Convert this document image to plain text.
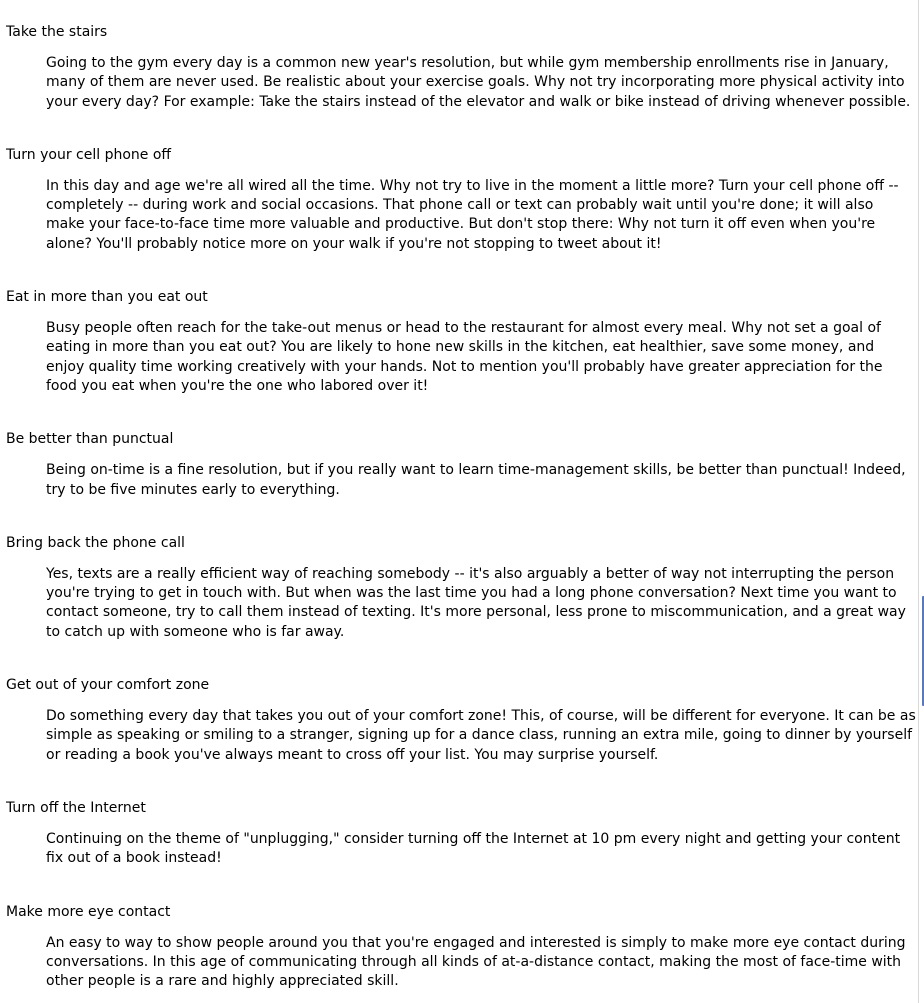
Take the stairs
Going to the gym every day is a common new year's resolution, but while gym membership enrollments rise in January, many of them are never used. Be realistic about your exercise goals. Why not try incorporating more physical activity into your every day? For example: Take the stairs instead of the elevator and walk or bike instead of driving whenever possible.
Turn your cell phone off
In this day and age we're all wired all the time. Why not try to live in the moment a little more? Turn your cell phone off -- completely -- during work and social occasions. That phone call or text can probably wait until you're done; it will also make your face-to-face time more valuable and productive. But don't stop there: Why not turn it off even when you're alone? You'll probably notice more on your walk if you're not stopping to tweet about it!
Eat in more than you eat out
Busy people often reach for the take-out menus or head to the restaurant for almost every meal. Why not set a goal of eating in more than you eat out? You are likely to hone new skills in the kitchen, eat healthier, save some money, and enjoy quality time working creatively with your hands. Not to mention you'll probably have greater appreciation for the food you eat when you're the one who labored over it!
Be better than punctual
Being on-time is a fine resolution, but if you really want to learn time-management skills, be better than punctual! Indeed, try to be five minutes early to everything.
Bring back the phone call
Yes, texts are a really efficient way of reaching somebody -- it's also arguably a better of way not interrupting the person you're trying to get in touch with. But when was the last time you had a long phone conversation? Next time you want to contact someone, try to call them instead of texting. It's more personal, less prone to miscommunication, and a great way to catch up with someone who is far away.
Get out of your comfort zone
Do something every day that takes you out of your comfort zone! This, of course, will be different for everyone. It can be as simple as speaking or smiling to a stranger, signing up for a dance class, running an extra mile, going to dinner by yourself or reading a book you've always meant to cross off your list. You may surprise yourself.
Turn off the Internet
Continuing on the theme of "unplugging," consider turning off the Internet at 10 pm every night and getting your content fix out of a book instead!
Make more eye contact
An easy to way to show people around you that you're engaged and interested is simply to make more eye contact during conversations. In this age of communicating through all kinds of at-a-distance contact, making the most of face-time with other people is a rare and highly appreciated skill.
